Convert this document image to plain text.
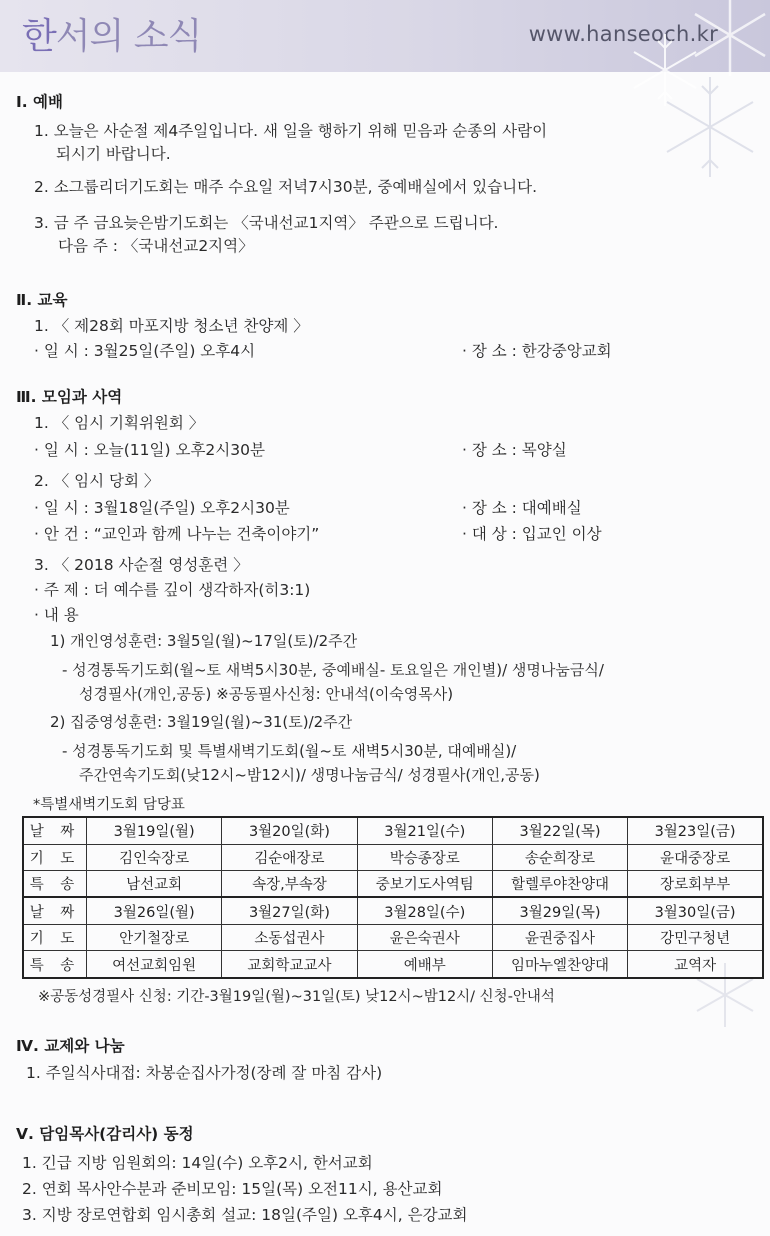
한서의 소식	www.hanseoch.kr
Ⅰ. 예배
1. 오늘은 사순절 제4주일입니다. 새 일을 행하기 위해 믿음과 순종의 사람이
되시기 바랍니다.
2. 소그룹리더기도회는 매주 수요일 저녁7시30분, 중예배실에서 있습니다.
3. 금 주 금요늦은밤기도회는 〈국내선교1지역〉 주관으로 드립니다.
다음 주 : 〈국내선교2지역〉
Ⅱ. 교육
1. 〈 제28회 마포지방 청소년 찬양제 〉
· 일 시 : 3월25일(주일) 오후4시	· 장 소 : 한강중앙교회
Ⅲ. 모임과 사역
1. 〈 임시 기획위원회 〉
· 일 시 : 오늘(11일) 오후2시30분	· 장 소 : 목양실
2. 〈 임시 당회 〉
· 일 시 : 3월18일(주일) 오후2시30분	· 장 소 : 대예배실
· 안 건 : “교인과 함께 나누는 건축이야기”	· 대 상 : 입교인 이상
3. 〈 2018 사순절 영성훈련 〉
· 주 제 : 더 예수를 깊이 생각하자(히3:1)
· 내 용
1) 개인영성훈련: 3월5일(월)~17일(토)/2주간
- 성경통독기도회(월~토 새벽5시30분, 중예배실- 토요일은 개인별)/ 생명나눔금식/
성경필사(개인,공동) ※공동필사신청: 안내석(이숙영목사)
2) 집중영성훈련: 3월19일(월)~31(토)/2주간
- 성경통독기도회 및 특별새벽기도회(월~토 새벽5시30분, 대예배실)/
주간연속기도회(낮12시~밤12시)/ 생명나눔금식/ 성경필사(개인,공동)
*특별새벽기도회 담당표
날 짜	3월19일(월)	3월20일(화)	3월21일(수)	3월22일(목)	3월23일(금)
기 도	김인숙장로	김순애장로	박승종장로	송순희장로	윤대중장로
특 송	남선교회	속장,부속장	중보기도사역팀	할렐루야찬양대	장로회부부
날 짜	3월26일(월)	3월27일(화)	3월28일(수)	3월29일(목)	3월30일(금)
기 도	안기철장로	소동섭권사	윤은숙권사	윤권중집사	강민구청년
특 송	여선교회임원	교회학교교사	예배부	임마누엘찬양대	교역자
※공동성경필사 신청: 기간-3월19일(월)~31일(토) 낮12시~밤12시/ 신청-안내석
Ⅳ. 교제와 나눔
1. 주일식사대접: 차봉순집사가정(장례 잘 마침 감사)
Ⅴ. 담임목사(감리사) 동정
1. 긴급 지방 임원회의: 14일(수) 오후2시, 한서교회
2. 연회 목사안수분과 준비모임: 15일(목) 오전11시, 용산교회
3. 지방 장로연합회 임시총회 설교: 18일(주일) 오후4시, 은강교회
